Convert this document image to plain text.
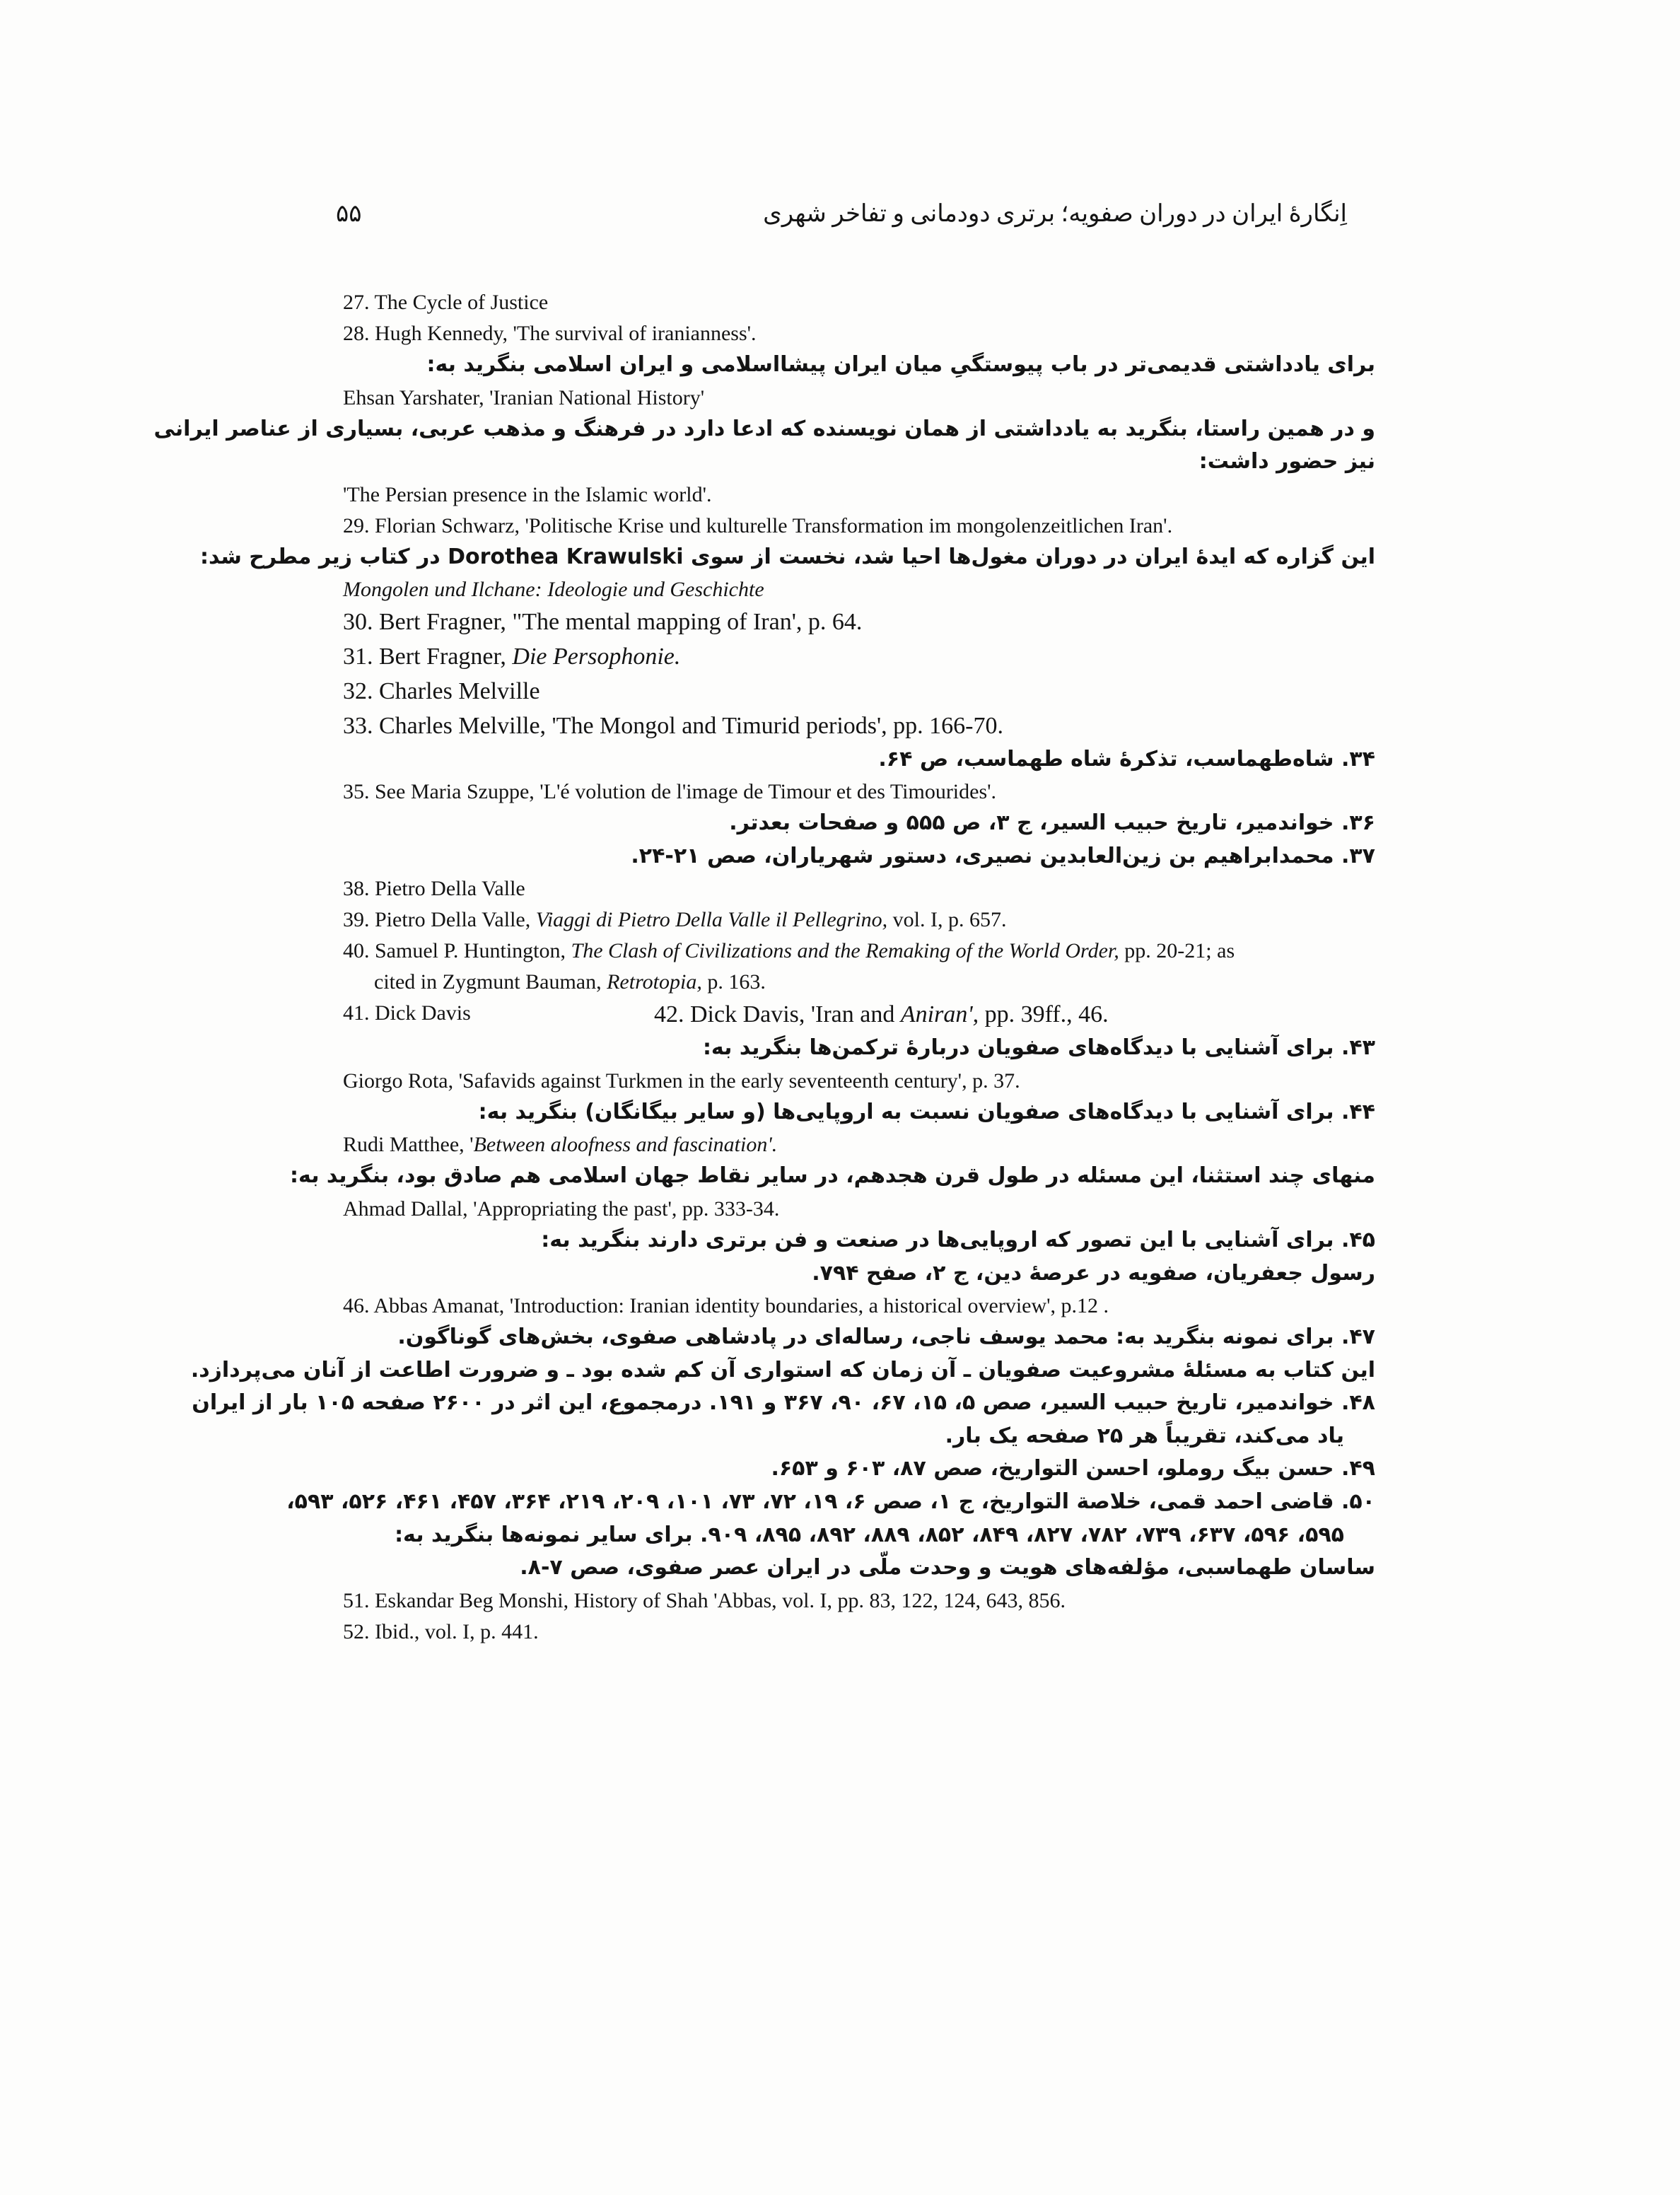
۵۵	اِنگارهٔ ایران در دوران صفویه؛ برتری دودمانی و تفاخر شهری
27. The Cycle of Justice
28. Hugh Kennedy, 'The survival of iranianness'.
برای یادداشتی قدیمی‌تر در باب پیوستگیِ میان ایران پیشااسلامی و ایران اسلامی بنگرید به:
Ehsan Yarshater, 'Iranian National History'
و در همین راستا، بنگرید به یادداشتی از همان نویسنده که ادعا دارد در فرهنگ و مذهب عربی، بسیاری از عناصر ایرانی
نیز حضور داشت:
'The Persian presence in the Islamic world'.
29. Florian Schwarz, 'Politische Krise und kulturelle Transformation im mongolenzeitlichen Iran'.
این گزاره که ایدهٔ ایران در دوران مغول‌ها احیا شد، نخست از سوی Dorothea Krawulski در کتاب زیر مطرح شد:
Mongolen und Ilchane: Ideologie und Geschichte
30. Bert Fragner, "The mental mapping of Iran', p. 64.
31. Bert Fragner, Die Persophonie.
32. Charles Melville
33. Charles Melville, 'The Mongol and Timurid periods', pp. 166-70.
۳۴. شاه‌طهماسب، تذکرهٔ شاه طهماسب، ص ۶۴.
35. See Maria Szuppe, 'L'é volution de l'image de Timour et des Timourides'.
۳۶. خواندمیر، تاریخ حبیب السیر، ج ۳، ص ۵۵۵ و صفحات بعدتر.
۳۷. محمدابراهیم بن زین‌العابدین نصیری، دستور شهریاران، صص ۲۱-۲۴.
38. Pietro Della Valle
39. Pietro Della Valle, Viaggi di Pietro Della Valle il Pellegrino, vol. I, p. 657.
40. Samuel P. Huntington, The Clash of Civilizations and the Remaking of the World Order, pp. 20-21; as
cited in Zygmunt Bauman, Retrotopia, p. 163.
41. Dick Davis	42. Dick Davis, 'Iran and Aniran', pp. 39ff., 46.
۴۳. برای آشنایی با دیدگاه‌های صفویان دربارهٔ ترکمن‌ها بنگرید به:
Giorgo Rota, 'Safavids against Turkmen in the early seventeenth century', p. 37.
۴۴. برای آشنایی با دیدگاه‌های صفویان نسبت به اروپایی‌ها (و سایر بیگانگان) بنگرید به:
Rudi Matthee, 'Between aloofness and fascination'.
منهای چند استثنا، این مسئله در طول قرن هجدهم، در سایر نقاط جهان اسلامی هم صادق بود، بنگرید به:
Ahmad Dallal, 'Appropriating the past', pp. 333-34.
۴۵. برای آشنایی با این تصور که اروپایی‌ها در صنعت و فن برتری دارند بنگرید به:
رسول جعفریان، صفویه در عرصهٔ دین، ج ۲، صفح ۷۹۴.
46. Abbas Amanat, 'Introduction: Iranian identity boundaries, a historical overview', p.12 .
۴۷. برای نمونه بنگرید به: محمد یوسف ناجی، رساله‌ای در پادشاهی صفوی، بخش‌های گوناگون.
این کتاب به مسئلهٔ مشروعیت صفویان ـ آن زمان که استواری آن کم شده بود ـ و ضرورت اطاعت از آنان می‌پردازد.
۴۸. خواندمیر، تاریخ حبیب السیر، صص ۵، ۱۵، ۶۷، ۹۰، ۳۶۷ و ۱۹۱. درمجموع، این اثر در ۲۶۰۰ صفحه ۱۰۵ بار از ایران
یاد می‌کند، تقریباً هر ۲۵ صفحه یک بار.
۴۹. حسن بیگ روملو، احسن التواریخ، صص ۸۷، ۶۰۳ و ۶۵۳.
۵۰. قاضی احمد قمی، خلاصة التواریخ، ج ۱، صص ۶، ۱۹، ۷۲، ۷۳، ۱۰۱، ۲۰۹، ۲۱۹، ۳۶۴، ۴۵۷، ۴۶۱، ۵۲۶، ۵۹۳،
۵۹۵، ۵۹۶، ۶۳۷، ۷۳۹، ۷۸۲، ۸۲۷، ۸۴۹، ۸۵۲، ۸۸۹، ۸۹۲، ۸۹۵، ۹۰۹. برای سایر نمونه‌ها بنگرید به:
ساسان طهماسبی، مؤلفه‌های هویت و وحدت ملّی در ایران عصر صفوی، صص ۷-۸.
51. Eskandar Beg Monshi, History of Shah 'Abbas, vol. I, pp. 83, 122, 124, 643, 856.
52. Ibid., vol. I, p. 441.
